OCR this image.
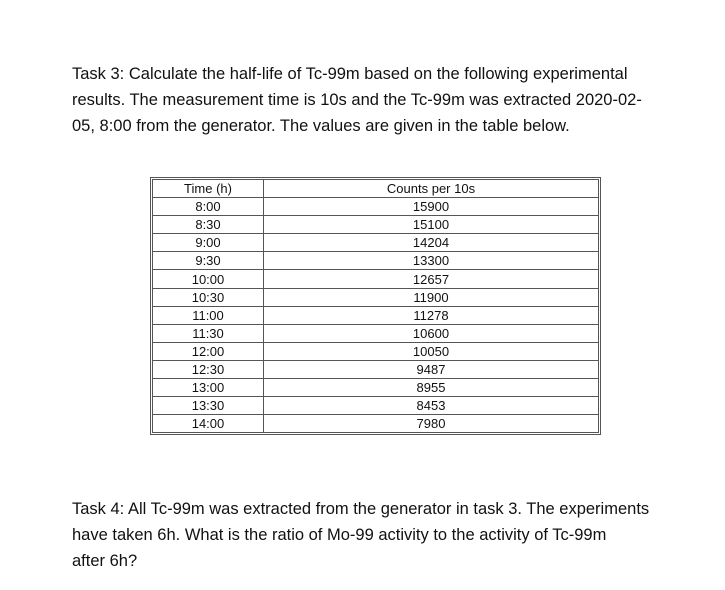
Task 3: Calculate the half-life of Tc-99m based on the following experimental
results. The measurement time is 10s and the Tc-99m was extracted 2020-02-
05, 8:00 from the generator. The values are given in the table below.

Time (h)	Counts per 10s
8:00	15900
8:30	15100
9:00	14204
9:30	13300
10:00	12657
10:30	11900
11:00	11278
11:30	10600
12:00	10050
12:30	9487
13:00	8955
13:30	8453
14:00	7980

Task 4: All Tc-99m was extracted from the generator in task 3. The experiments
have taken 6h. What is the ratio of Mo-99 activity to the activity of Tc-99m
after 6h?
